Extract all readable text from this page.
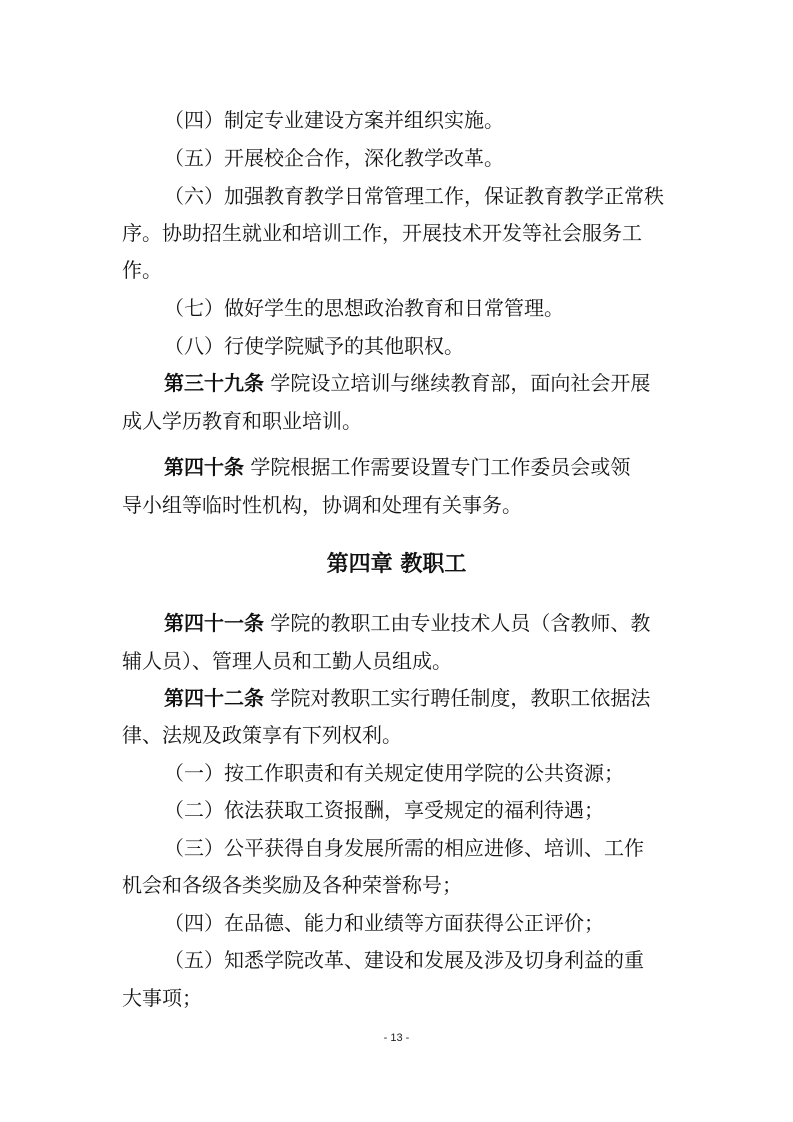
（四）制定专业建设方案并组织实施。
（五）开展校企合作，深化教学改革。
（六）加强教育教学日常管理工作，保证教育教学正常秩
序。协助招生就业和培训工作，开展技术开发等社会服务工
作。
（七）做好学生的思想政治教育和日常管理。
（八）行使学院赋予的其他职权。
第三十九条 学院设立培训与继续教育部，面向社会开展
成人学历教育和职业培训。
第四十条 学院根据工作需要设置专门工作委员会或领
导小组等临时性机构，协调和处理有关事务。
第四章 教职工
第四十一条 学院的教职工由专业技术人员（含教师、教
辅人员）、管理人员和工勤人员组成。
第四十二条 学院对教职工实行聘任制度，教职工依据法
律、法规及政策享有下列权利。
（一）按工作职责和有关规定使用学院的公共资源；
（二）依法获取工资报酬，享受规定的福利待遇；
（三）公平获得自身发展所需的相应进修、培训、工作
机会和各级各类奖励及各种荣誉称号；
（四）在品德、能力和业绩等方面获得公正评价；
（五）知悉学院改革、建设和发展及涉及切身利益的重
大事项；
- 13 -
